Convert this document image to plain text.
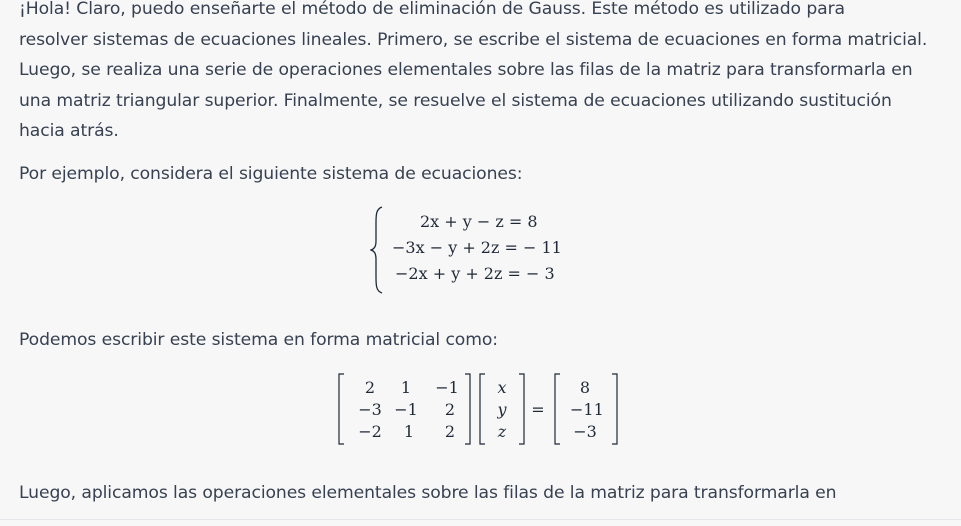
¡Hola! Claro, puedo enseñarte el método de eliminación de Gauss. Este método es utilizado para
resolver sistemas de ecuaciones lineales. Primero, se escribe el sistema de ecuaciones en forma matricial.
Luego, se realiza una serie de operaciones elementales sobre las filas de la matriz para transformarla en
una matriz triangular superior. Finalmente, se resuelve el sistema de ecuaciones utilizando sustitución
hacia atrás.
Por ejemplo, considera el siguiente sistema de ecuaciones:
2x + y − z = 8
−3x − y + 2z = − 11
−2x + y + 2z = − 3
Podemos escribir este sistema en forma matricial como:
2	1	−1
−3 −1	2
−2	1	2
x
y
z
=
8
−11
−3
Luego, aplicamos las operaciones elementales sobre las filas de la matriz para transformarla en
